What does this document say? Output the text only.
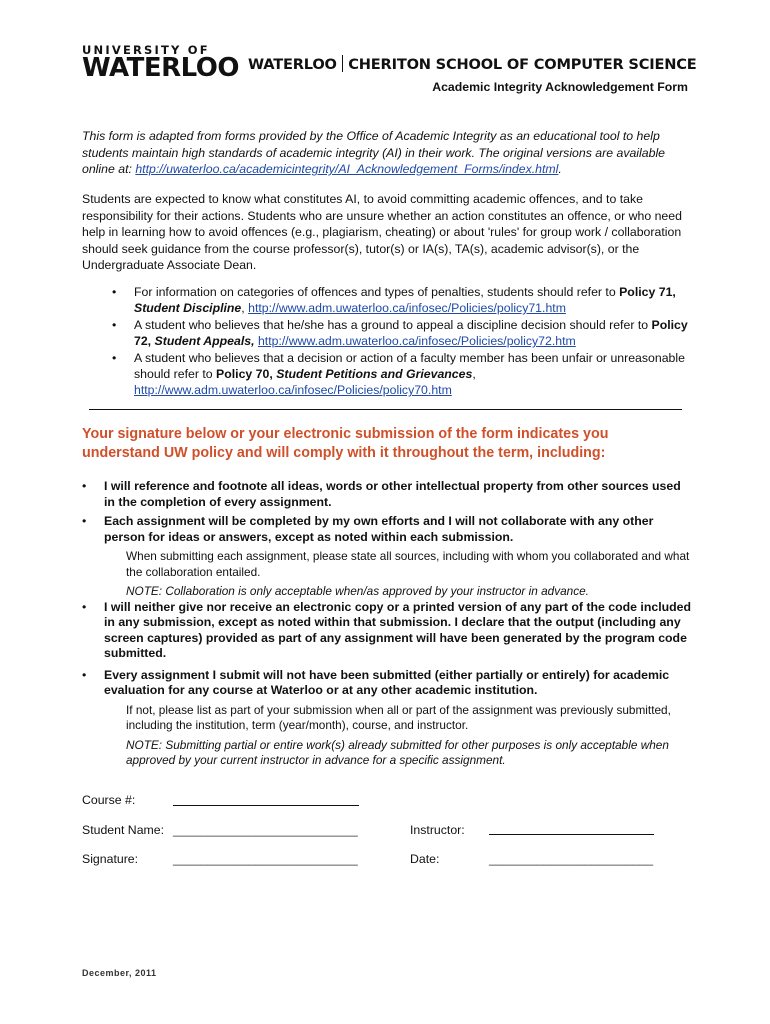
UNIVERSITY OF
WATERLOO WATERLOO CHERITON SCHOOL OF COMPUTER SCIENCE
Academic Integrity Acknowledgement Form
This form is adapted from forms provided by the Office of Academic Integrity as an educational tool to help students maintain high standards of academic integrity (AI) in their work. The original versions are available online at: http://uwaterloo.ca/academicintegrity/AI_Acknowledgement_Forms/index.html.
Students are expected to know what constitutes AI, to avoid committing academic offences, and to take responsibility for their actions. Students who are unsure whether an action constitutes an offence, or who need help in learning how to avoid offences (e.g., plagiarism, cheating) or about 'rules' for group work / collaboration should seek guidance from the course professor(s), tutor(s) or IA(s), TA(s), academic advisor(s), or the Undergraduate Associate Dean.
• For information on categories of offences and types of penalties, students should refer to Policy 71, Student Discipline, http://www.adm.uwaterloo.ca/infosec/Policies/policy71.htm
• A student who believes that he/she has a ground to appeal a discipline decision should refer to Policy 72, Student Appeals, http://www.adm.uwaterloo.ca/infosec/Policies/policy72.htm
• A student who believes that a decision or action of a faculty member has been unfair or unreasonable should refer to Policy 70, Student Petitions and Grievances, http://www.adm.uwaterloo.ca/infosec/Policies/policy70.htm
Your signature below or your electronic submission of the form indicates you understand UW policy and will comply with it throughout the term, including:
• I will reference and footnote all ideas, words or other intellectual property from other sources used in the completion of every assignment.
• Each assignment will be completed by my own efforts and I will not collaborate with any other person for ideas or answers, except as noted within each submission.
When submitting each assignment, please state all sources, including with whom you collaborated and what the collaboration entailed.
NOTE: Collaboration is only acceptable when/as approved by your instructor in advance.
• I will neither give nor receive an electronic copy or a printed version of any part of the code included in any submission, except as noted within that submission. I declare that the output (including any screen captures) provided as part of any assignment will have been generated by the program code submitted.
• Every assignment I submit will not have been submitted (either partially or entirely) for academic evaluation for any course at Waterloo or at any other academic institution.
If not, please list as part of your submission when all or part of the assignment was previously submitted, including the institution, term (year/month), course, and instructor.
NOTE: Submitting partial or entire work(s) already submitted for other purposes is only acceptable when approved by your current instructor in advance for a specific assignment.
Course #:
Student Name: ___________________________	Instructor:
Signature:	___________________________	Date:	________________________
December, 2011
